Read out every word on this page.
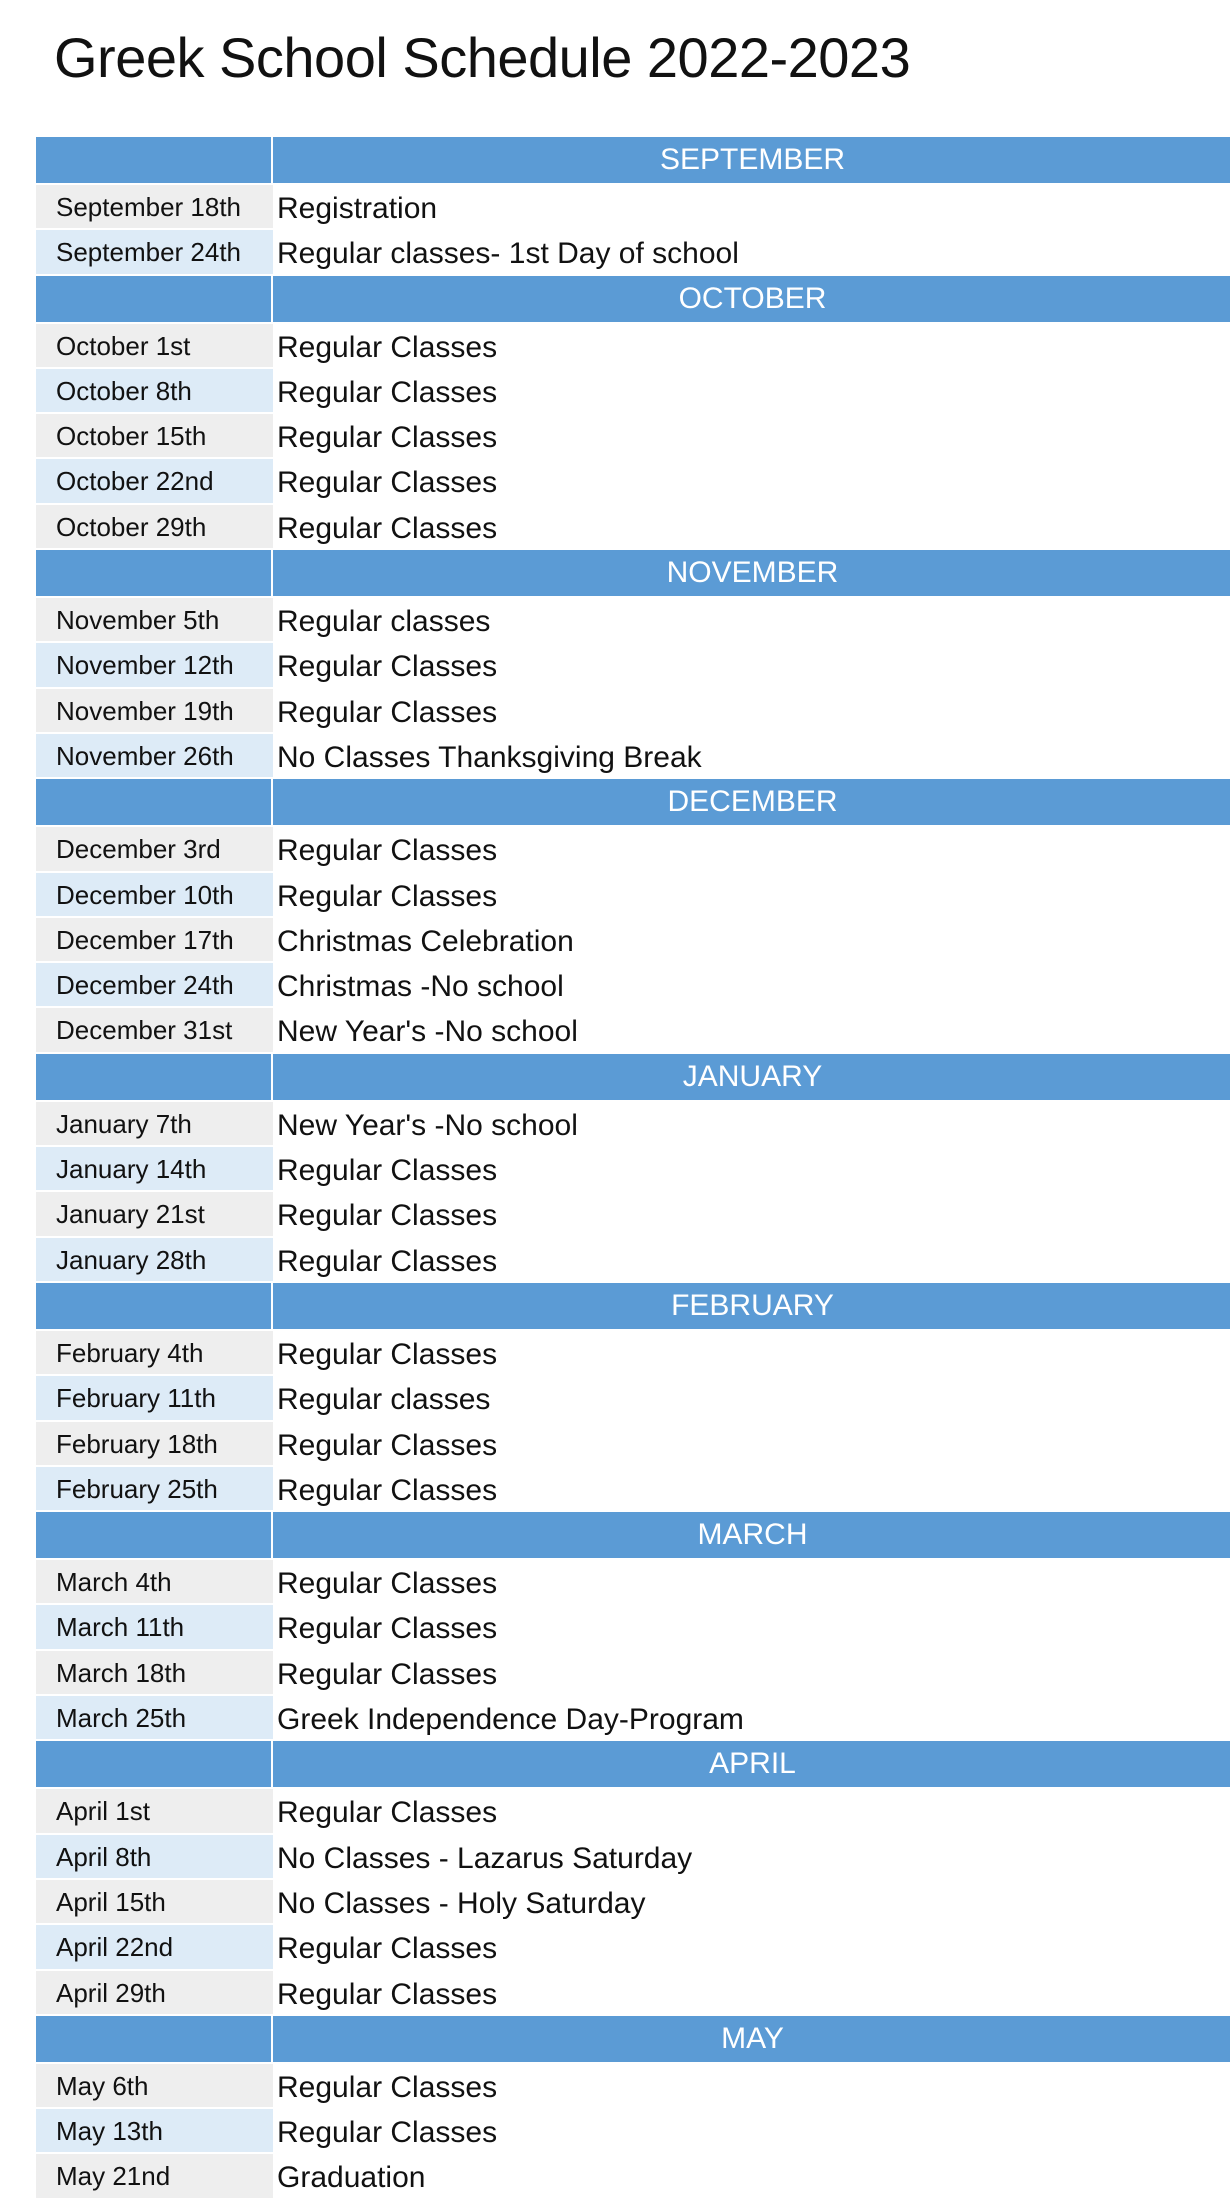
Greek School Schedule 2022-2023
SEPTEMBER
September 18th	Registration
September 24th	Regular classes- 1st Day of school
OCTOBER
October 1st	Regular Classes
October 8th	Regular Classes
October 15th	Regular Classes
October 22nd	Regular Classes
October 29th	Regular Classes
NOVEMBER
November 5th	Regular classes
November 12th	Regular Classes
November 19th	Regular Classes
November 26th	No Classes Thanksgiving Break
DECEMBER
December 3rd	Regular Classes
December 10th	Regular Classes
December 17th	Christmas Celebration
December 24th	Christmas -No school
December 31st	New Year's -No school
JANUARY
January 7th	New Year's -No school
January 14th	Regular Classes
January 21st	Regular Classes
January 28th	Regular Classes
FEBRUARY
February 4th	Regular Classes
February 11th	Regular classes
February 18th	Regular Classes
February 25th	Regular Classes
MARCH
March 4th	Regular Classes
March 11th	Regular Classes
March 18th	Regular Classes
March 25th	Greek Independence Day-Program
APRIL
April 1st	Regular Classes
April 8th	No Classes - Lazarus Saturday
April 15th	No Classes - Holy Saturday
April 22nd	Regular Classes
April 29th	Regular Classes
MAY
May 6th	Regular Classes
May 13th	Regular Classes
May 21nd	Graduation
